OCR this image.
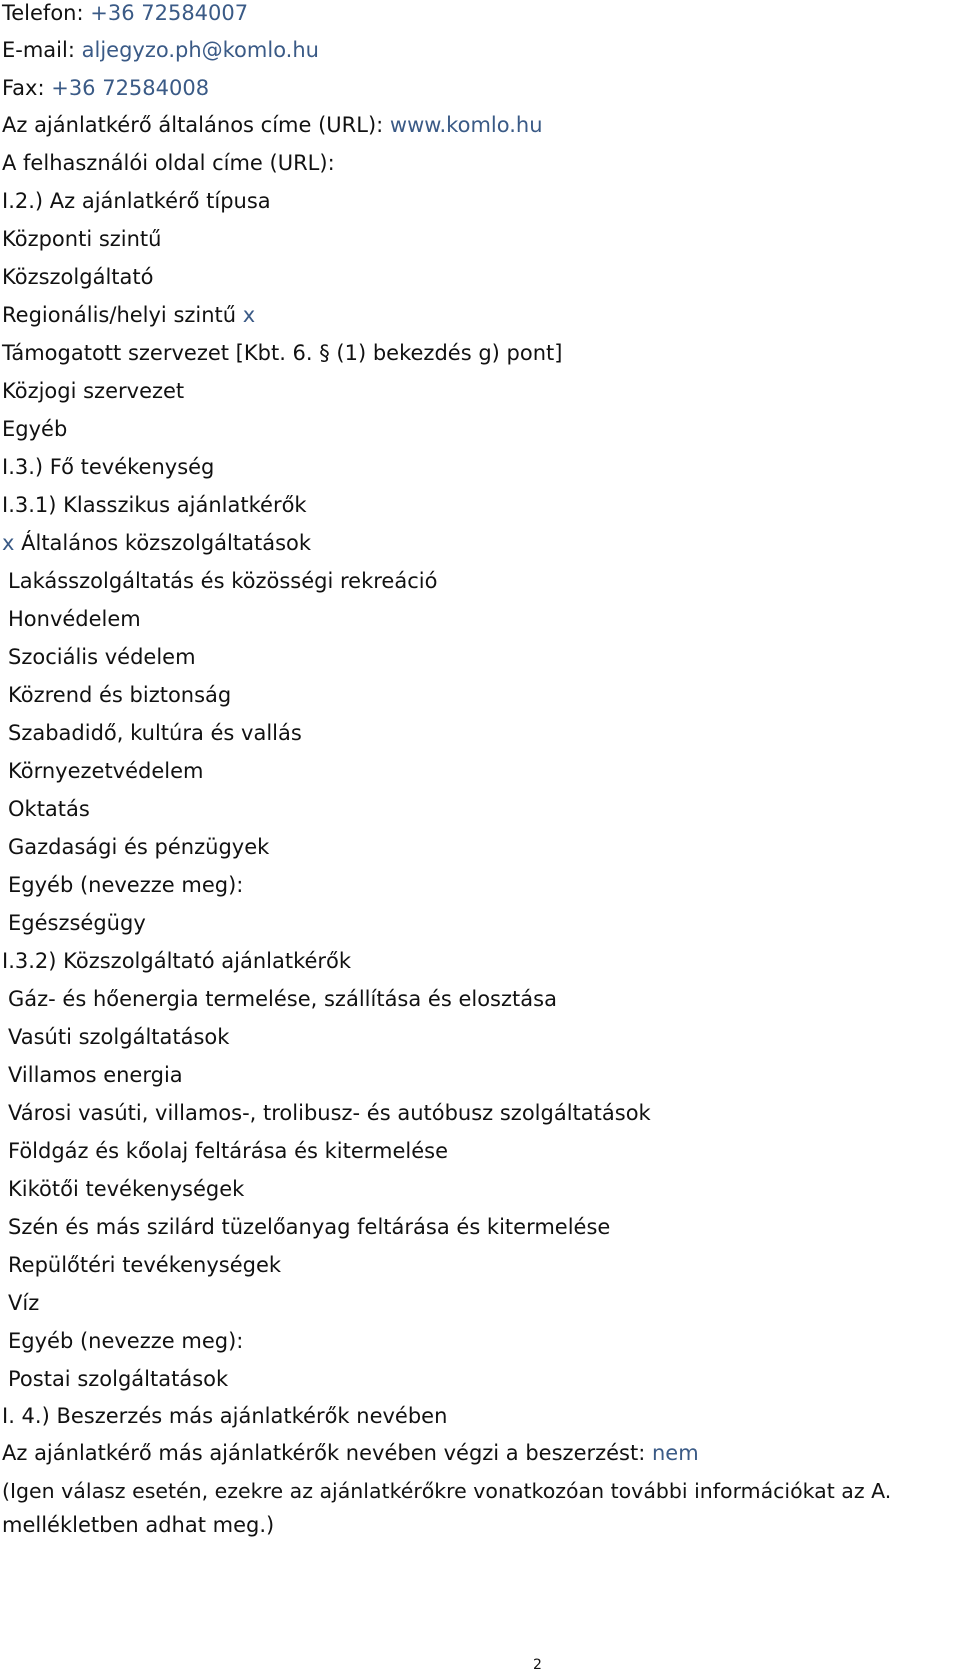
Telefon: +36 72584007
E-mail: aljegyzo.ph@komlo.hu
Fax: +36 72584008
Az ajánlatkérő általános címe (URL): www.komlo.hu
A felhasználói oldal címe (URL):
I.2.) Az ajánlatkérő típusa
Központi szintű
Közszolgáltató
Regionális/helyi szintű x
Támogatott szervezet [Kbt. 6. § (1) bekezdés g) pont]
Közjogi szervezet
Egyéb
I.3.) Fő tevékenység
I.3.1) Klasszikus ajánlatkérők
x Általános közszolgáltatások
Lakásszolgáltatás és közösségi rekreáció
Honvédelem
Szociális védelem
Közrend és biztonság
Szabadidő, kultúra és vallás
Környezetvédelem
Oktatás
Gazdasági és pénzügyek
Egyéb (nevezze meg):
Egészségügy
I.3.2) Közszolgáltató ajánlatkérők
Gáz- és hőenergia termelése, szállítása és elosztása
Vasúti szolgáltatások
Villamos energia
Városi vasúti, villamos-, trolibusz- és autóbusz szolgáltatások
Földgáz és kőolaj feltárása és kitermelése
Kikötői tevékenységek
Szén és más szilárd tüzelőanyag feltárása és kitermelése
Repülőtéri tevékenységek
Víz
Egyéb (nevezze meg):
Postai szolgáltatások
I. 4.) Beszerzés más ajánlatkérők nevében
Az ajánlatkérő más ajánlatkérők nevében végzi a beszerzést: nem
(Igen válasz esetén, ezekre az ajánlatkérőkre vonatkozóan további információkat az A.
mellékletben adhat meg.)
2
